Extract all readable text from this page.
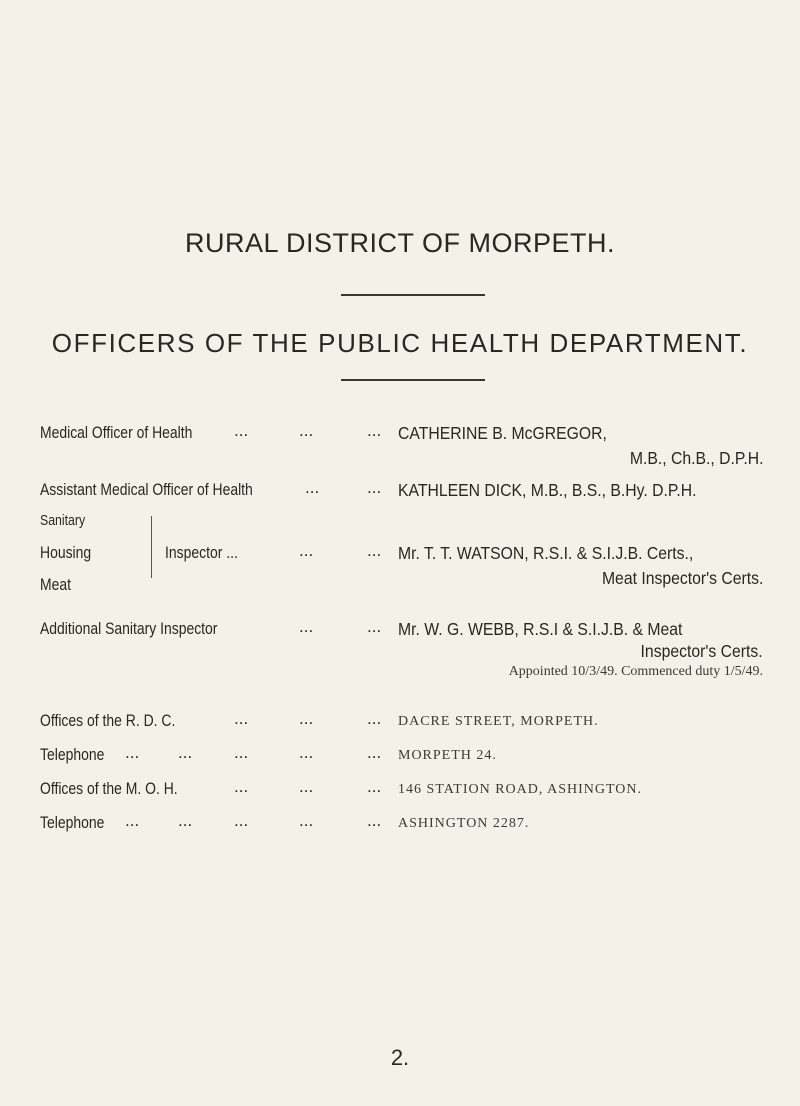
RURAL DISTRICT OF MORPETH.
OFFICERS OF THE PUBLIC HEALTH DEPARTMENT.
Medical Officer of Health ...	...	... CATHERINE B. McGREGOR,
M.B., Ch.B., D.P.H.
Assistant Medical Officer of Health	...	... KATHLEEN DICK, M.B., B.S., B.Hy. D.P.H.
Sanitary
Housing
Meat
Inspector ...	...	... Mr. T. T. WATSON, R.S.I. & S.I.J.B. Certs.,
Meat Inspector's Certs.
Additional Sanitary Inspector	...	... Mr. W. G. WEBB, R.S.I & S.I.J.B. & Meat
Inspector's Certs.
Appointed 10/3/49. Commenced duty 1/5/49.
Offices of the R. D. C.	...	...	... DACRE STREET, MORPETH.
Telephone ... ... ...	...	... MORPETH 24.
Offices of the M. O. H.	...	...	... 146 STATION ROAD, ASHINGTON.
Telephone ... ... ...	...	... ASHINGTON 2287.
2.
